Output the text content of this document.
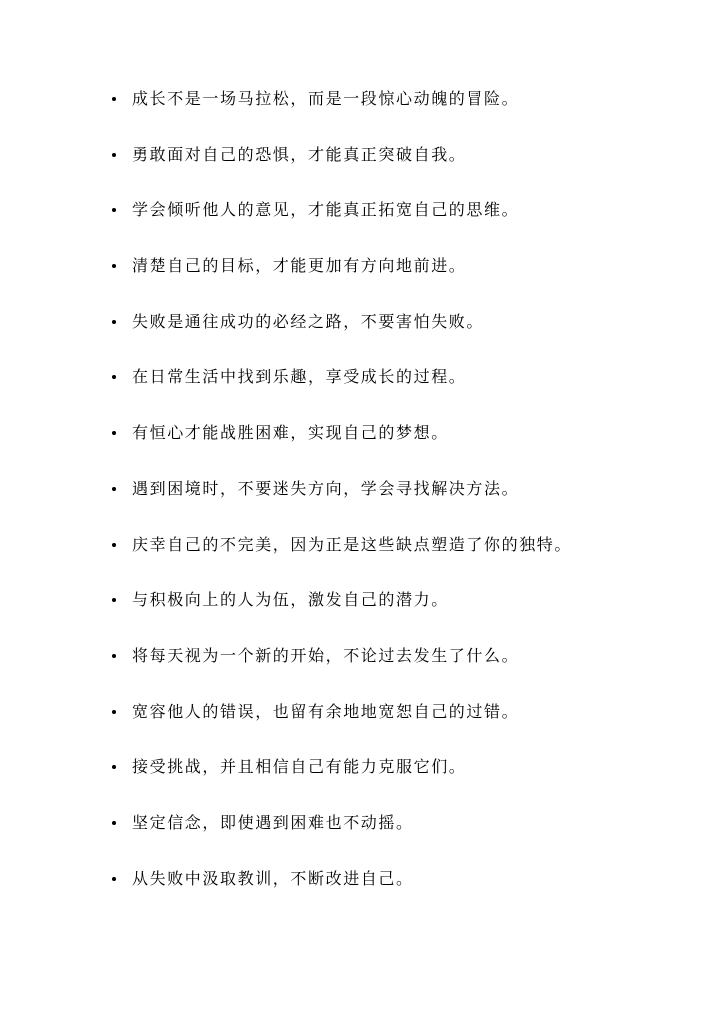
成长不是一场马拉松，而是一段惊心动魄的冒险。
勇敢面对自己的恐惧，才能真正突破自我。
学会倾听他人的意见，才能真正拓宽自己的思维。
清楚自己的目标，才能更加有方向地前进。
失败是通往成功的必经之路，不要害怕失败。
在日常生活中找到乐趣，享受成长的过程。
有恒心才能战胜困难，实现自己的梦想。
遇到困境时，不要迷失方向，学会寻找解决方法。
庆幸自己的不完美，因为正是这些缺点塑造了你的独特。
与积极向上的人为伍，激发自己的潜力。
将每天视为一个新的开始，不论过去发生了什么。
宽容他人的错误，也留有余地地宽恕自己的过错。
接受挑战，并且相信自己有能力克服它们。
坚定信念，即使遇到困难也不动摇。
从失败中汲取教训，不断改进自己。
